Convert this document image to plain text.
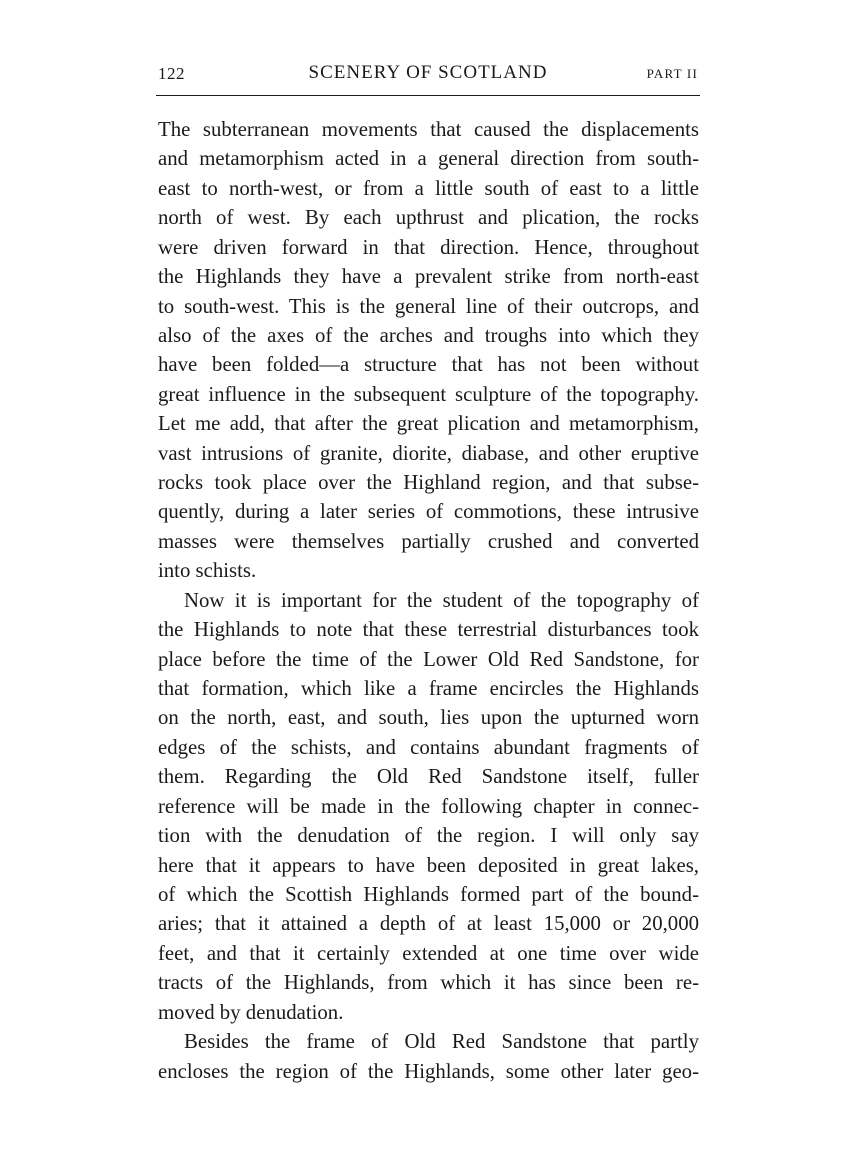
122	SCENERY OF SCOTLAND	PART II
The subterranean movements that caused the displacements
and metamorphism acted in a general direction from south-
east to north-west, or from a little south of east to a little
north of west. By each upthrust and plication, the rocks
were driven forward in that direction. Hence, throughout
the Highlands they have a prevalent strike from north-east
to south-west. This is the general line of their outcrops, and
also of the axes of the arches and troughs into which they
have been folded—a structure that has not been without
great influence in the subsequent sculpture of the topography.
Let me add, that after the great plication and metamorphism,
vast intrusions of granite, diorite, diabase, and other eruptive
rocks took place over the Highland region, and that subse-
quently, during a later series of commotions, these intrusive
masses were themselves partially crushed and converted
into schists.
Now it is important for the student of the topography of
the Highlands to note that these terrestrial disturbances took
place before the time of the Lower Old Red Sandstone, for
that formation, which like a frame encircles the Highlands
on the north, east, and south, lies upon the upturned worn
edges of the schists, and contains abundant fragments of
them. Regarding the Old Red Sandstone itself, fuller
reference will be made in the following chapter in connec-
tion with the denudation of the region. I will only say
here that it appears to have been deposited in great lakes,
of which the Scottish Highlands formed part of the bound-
aries; that it attained a depth of at least 15,000 or 20,000
feet, and that it certainly extended at one time over wide
tracts of the Highlands, from which it has since been re-
moved by denudation.
Besides the frame of Old Red Sandstone that partly
encloses the region of the Highlands, some other later geo-
